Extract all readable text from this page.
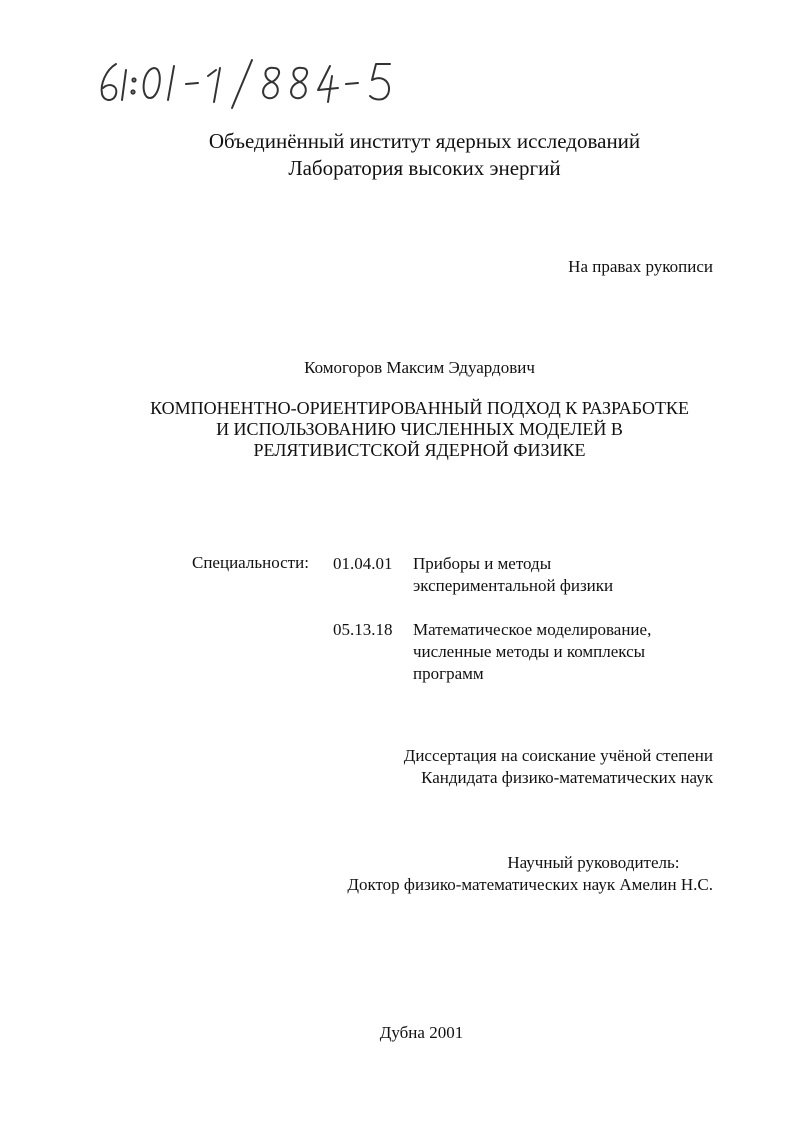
Объединённый институт ядерных исследований
Лаборатория высоких энергий
На правах рукописи
Комогоров Максим Эдуардович
КОМПОНЕНТНО-ОРИЕНТИРОВАННЫЙ ПОДХОД К РАЗРАБОТКЕ
И ИСПОЛЬЗОВАНИЮ ЧИСЛЕННЫХ МОДЕЛЕЙ В
РЕЛЯТИВИСТСКОЙ ЯДЕРНОЙ ФИЗИКЕ
Специальности: 01.04.01 Приборы и методы
экспериментальной физики
05.13.18 Математическое моделирование,
численные методы и комплексы
программ
Диссертация на соискание учёной степени
Кандидата физико-математических наук
Научный руководитель:
Доктор физико-математических наук Амелин Н.С.
Дубна 2001
